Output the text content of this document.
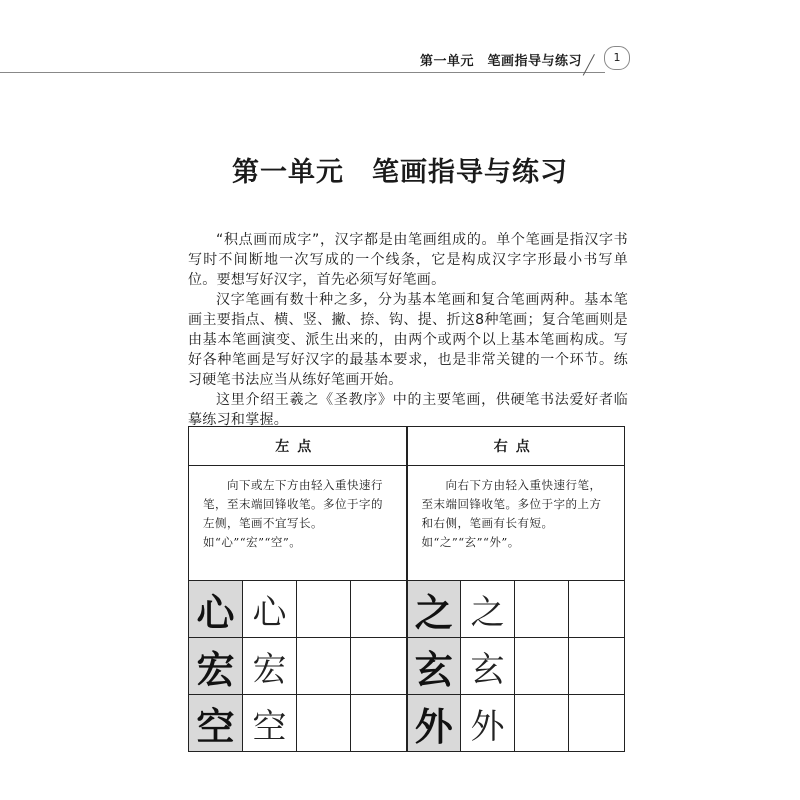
第一单元　笔画指导与练习	1
第一单元　笔画指导与练习

“积点画而成字”，汉字都是由笔画组成的。单个笔画是指汉字书写时不间断地一次写成的一个线条，它是构成汉字字形最小书写单位。要想写好汉字，首先必须写好笔画。

汉字笔画有数十种之多，分为基本笔画和复合笔画两种。基本笔画主要指点、横、竖、撇、捺、钩、提、折这8种笔画；复合笔画则是由基本笔画演变、派生出来的，由两个或两个以上基本笔画构成。写好各种笔画是写好汉字的最基本要求，也是非常关键的一个环节。练习硬笔书法应当从练好笔画开始。

这里介绍王羲之《圣教序》中的主要笔画，供硬笔书法爱好者临摹练习和掌握。

左点				右点			
向下或左下方由轻入重快速行笔，至末端回锋收笔。多位于字的左侧，笔画不宜写长。如“心”“宏”“空”。				向右下方由轻入重快速行笔，至末端回锋收笔。多位于字的上方和右侧，笔画有长有短。如“之”“玄”“外”。			
心	心			之	之		
宏	宏			玄	玄		
空	空			外	外		
